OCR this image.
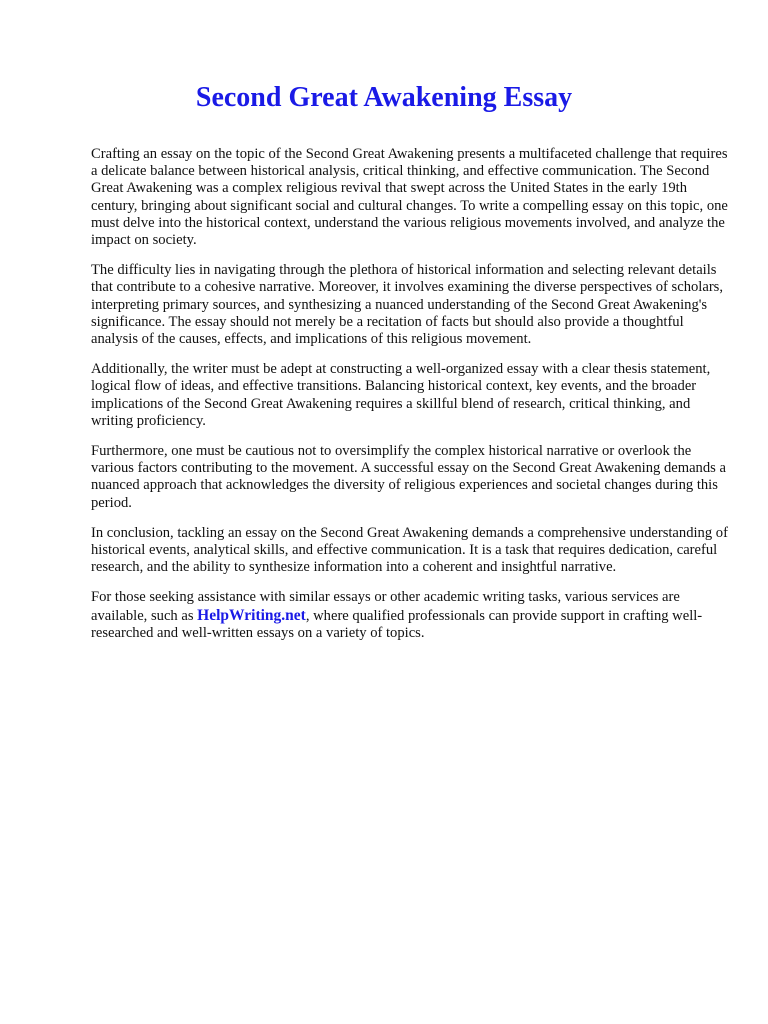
Second Great Awakening Essay

Crafting an essay on the topic of the Second Great Awakening presents a multifaceted challenge that requires a delicate balance between historical analysis, critical thinking, and effective communication. The Second Great Awakening was a complex religious revival that swept across the United States in the early 19th century, bringing about significant social and cultural changes. To write a compelling essay on this topic, one must delve into the historical context, understand the various religious movements involved, and analyze the impact on society.

The difficulty lies in navigating through the plethora of historical information and selecting relevant details that contribute to a cohesive narrative. Moreover, it involves examining the diverse perspectives of scholars, interpreting primary sources, and synthesizing a nuanced understanding of the Second Great Awakening's significance. The essay should not merely be a recitation of facts but should also provide a thoughtful analysis of the causes, effects, and implications of this religious movement.

Additionally, the writer must be adept at constructing a well-organized essay with a clear thesis statement, logical flow of ideas, and effective transitions. Balancing historical context, key events, and the broader implications of the Second Great Awakening requires a skillful blend of research, critical thinking, and writing proficiency.

Furthermore, one must be cautious not to oversimplify the complex historical narrative or overlook the various factors contributing to the movement. A successful essay on the Second Great Awakening demands a nuanced approach that acknowledges the diversity of religious experiences and societal changes during this period.

In conclusion, tackling an essay on the Second Great Awakening demands a comprehensive understanding of historical events, analytical skills, and effective communication. It is a task that requires dedication, careful research, and the ability to synthesize information into a coherent and insightful narrative.

For those seeking assistance with similar essays or other academic writing tasks, various services are available, such as HelpWriting.net, where qualified professionals can provide support in crafting well-researched and well-written essays on a variety of topics.
